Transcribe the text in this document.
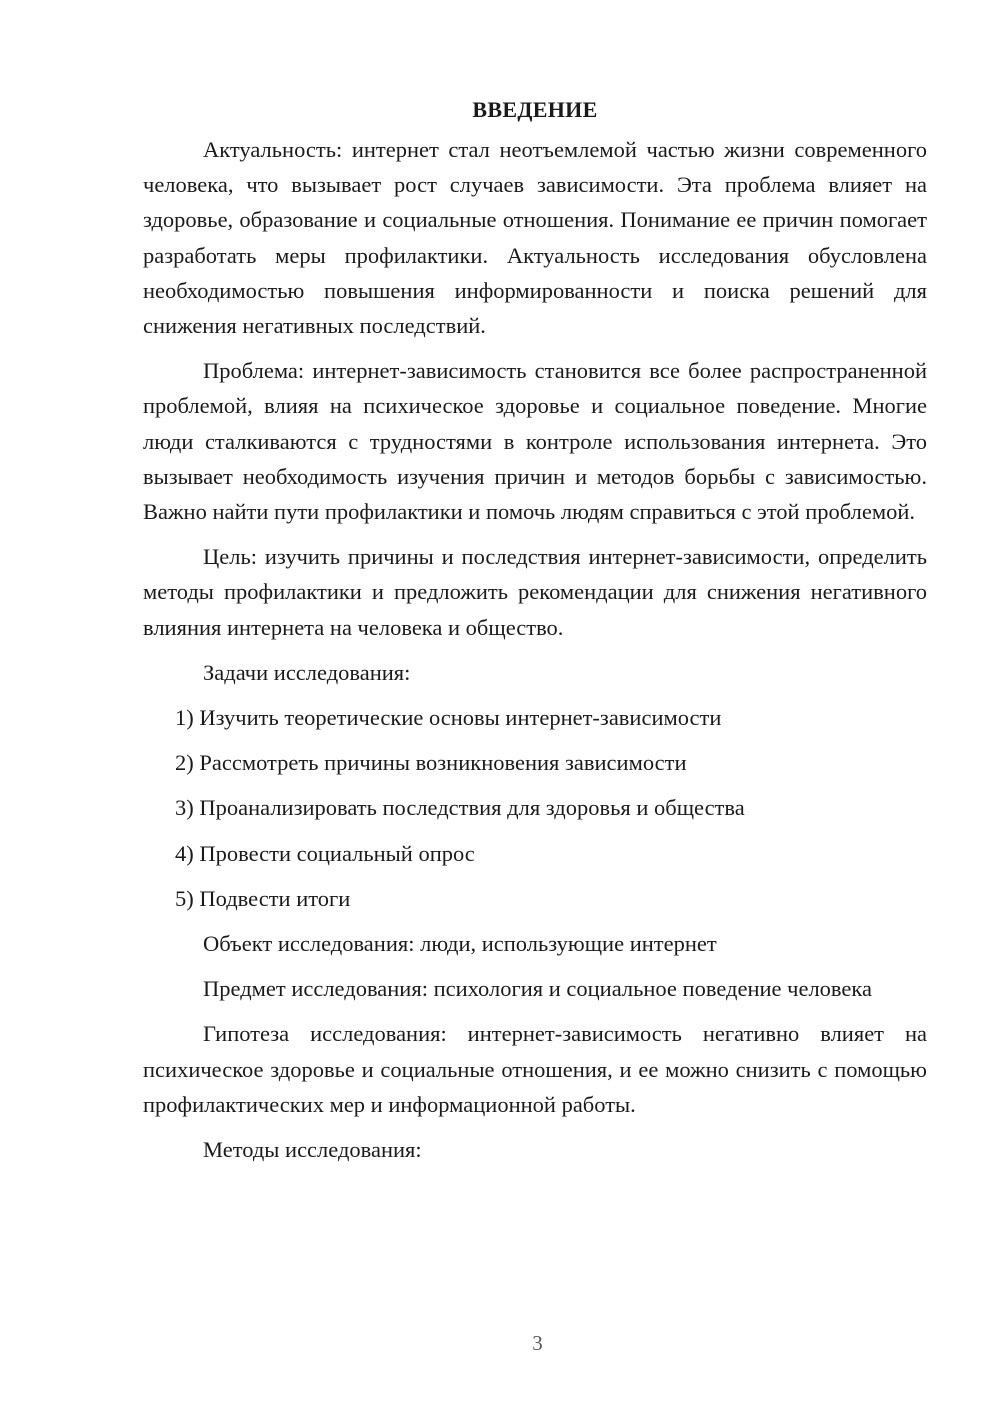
ВВЕДЕНИЕ

Актуальность: интернет стал неотъемлемой частью жизни современного человека, что вызывает рост случаев зависимости. Эта проблема влияет на здоровье, образование и социальные отношения. Понимание ее причин помогает разработать меры профилактики. Актуальность исследования обусловлена необходимостью повышения информированности и поиска решений для снижения негативных последствий.

Проблема: интернет-зависимость становится все более распространенной проблемой, влияя на психическое здоровье и социальное поведение. Многие люди сталкиваются с трудностями в контроле использования интернета. Это вызывает необходимость изучения причин и методов борьбы с зависимостью. Важно найти пути профилактики и помочь людям справиться с этой проблемой.

Цель: изучить причины и последствия интернет-зависимости, определить методы профилактики и предложить рекомендации для снижения негативного влияния интернета на человека и общество.

Задачи исследования:

1) Изучить теоретические основы интернет-зависимости

2) Рассмотреть причины возникновения зависимости

3) Проанализировать последствия для здоровья и общества

4) Провести социальный опрос

5) Подвести итоги

Объект исследования: люди, использующие интернет

Предмет исследования: психология и социальное поведение человека

Гипотеза исследования: интернет-зависимость негативно влияет на психическое здоровье и социальные отношения, и ее можно снизить с помощью профилактических мер и информационной работы.

Методы исследования:

3
